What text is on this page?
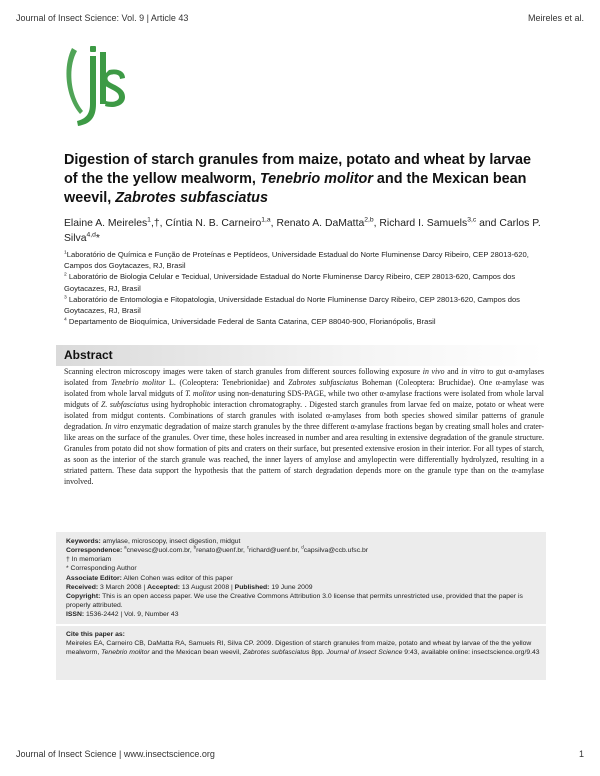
Journal of Insect Science: Vol. 9 | Article 43	Meireles et al.
Digestion of starch granules from maize, potato and wheat by larvae of the the yellow mealworm, Tenebrio molitor and the Mexican bean weevil, Zabrotes subfasciatus
Elaine A. Meireles$^1$,†, Cíntia N. B. Carneiro$^{1,a}$, Renato A. DaMatta$^{2,b}$, Richard I. Samuels$^{3,c}$ and Carlos P. Silva$^{4,d}$*
$^1$Laboratório de Química e Função de Proteínas e Peptídeos, Universidade Estadual do Norte Fluminense Darcy Ribeiro, CEP 28013-620, Campos dos Goytacazes, RJ, Brasil
$^2$ Laboratório de Biologia Celular e Tecidual, Universidade Estadual do Norte Fluminense Darcy Ribeiro, CEP 28013-620, Campos dos Goytacazes, RJ, Brasil
$^3$ Laboratório de Entomologia e Fitopatologia, Universidade Estadual do Norte Fluminense Darcy Ribeiro, CEP 28013-620, Campos dos Goytacazes, RJ, Brasil
$^4$ Departamento de Bioquímica, Universidade Federal de Santa Catarina, CEP 88040-900, Florianópolis, Brasil
Abstract
Scanning electron microscopy images were taken of starch granules from different sources following exposure in vivo and in vitro to gut α-amylases isolated from Tenebrio molitor L. (Coleoptera: Tenebrionidae) and Zabrotes subfasciatus Boheman (Coleoptera: Bruchidae). One α-amylase was isolated from whole larval midguts of T. molitor using non-denaturing SDS-PAGE, while two other α-amylase fractions were isolated from whole larval midguts of Z. subfasciatus using hydrophobic interaction chromatography. . Digested starch granules from larvae fed on maize, potato or wheat were isolated from midgut contents. Combinations of starch granules with isolated α-amylases from both species showed similar patterns of granule degradation. In vitro enzymatic degradation of maize starch granules by the three different α-amylase fractions began by creating small holes and crater-like areas on the surface of the granules. Over time, these holes increased in number and area resulting in extensive degradation of the granule structure. Granules from potato did not show formation of pits and craters on their surface, but presented extensive erosion in their interior. For all types of starch, as soon as the interior of the starch granule was reached, the inner layers of amylose and amylopectin were differentially hydrolyzed, resulting in a striated pattern. These data support the hypothesis that the pattern of starch degradation depends more on the granule type than on the α-amylase involved.
Keywords: amylase, microscopy, insect digestion, midgut
Correspondence: $^a$cnevesc@uol.com.br, $^b$renato@uenf.br, $^c$richard@uenf.br, $^d$capsilva@ccb.ufsc.br
† In memoriam
* Corresponding Author
Associate Editor: Allen Cohen was editor of this paper
Received: 3 March 2008 | Accepted: 13 August 2008 | Published: 19 June 2009
Copyright: This is an open access paper. We use the Creative Commons Attribution 3.0 license that permits unrestricted use, provided that the paper is properly attributed.
ISSN: 1536-2442 | Vol. 9, Number 43
Cite this paper as:
Meireles EA, Carneiro CB, DaMatta RA, Samuels RI, Silva CP. 2009. Digestion of starch granules from maize, potato and wheat by larvae of the the yellow mealworm, Tenebrio molitor and the Mexican bean weevil, Zabrotes subfasciatus 8pp. Journal of Insect Science 9:43, available online: insectscience.org/9.43
Journal of Insect Science | www.insectscience.org	1
